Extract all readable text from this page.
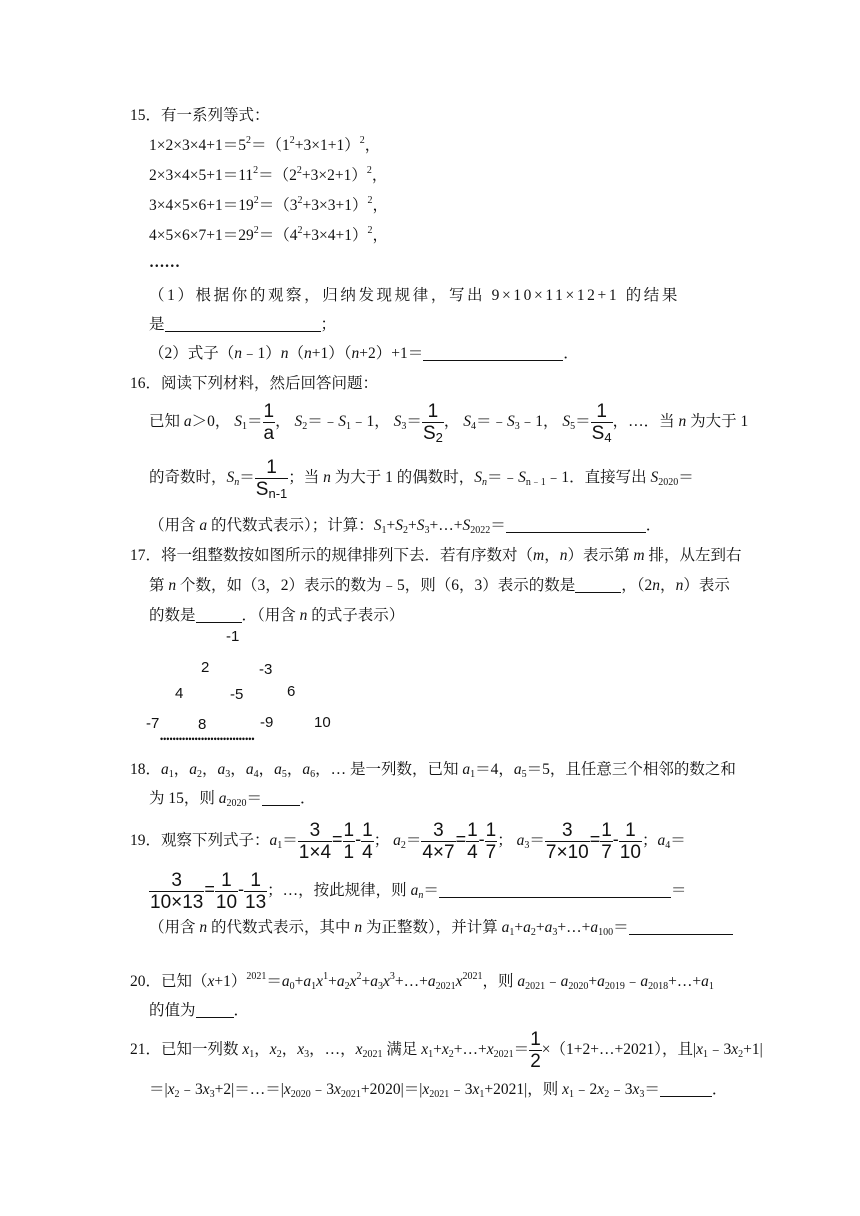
15．有一系列等式：
$1\times 2\times 3\times 4+1=5^2=(1^2+3\times 1+1)^2$，
$2\times 3\times 4\times 5+1=11^2=(2^2+3\times 2+1)^2$，
$3\times 4\times 5\times 6+1=19^2=(3^2+3\times 3+1)^2$，
$4\times 5\times 6\times 7+1=29^2=(4^2+3\times 4+1)^2$，
……
（1）根据你的观察，归纳发现规律，写出 9×10×11×12+1 的结果
是	；
（2）式子（n﹣1）n（n+1）（n+2）+1＝	．
16．阅读下列材料，然后回答问题：
已知 a＞0， $S_1= \frac{1}{a}$ ， $S_2=﹣S_1﹣1$， $S_3= \frac{1}{S_2}$ ， $S_4=﹣S_3﹣1$， $S_5= \frac{1}{S_4}$ ，…．当 n 为大于 1
的奇数时，$S_n= \frac{1}{S_{n-1}}$ ；当 n 为大于 1 的偶数时，$S_n=﹣S_{n﹣1}﹣1$．直接写出 $S_{2020}=$
（用含 a 的代数式表示）；计算：$S_1+S_2+S_3+\dots+S_{2022}=$	．
17．将一组整数按如图所示的规律排列下去．若有序数对（m，n）表示第 m 排，从左到右
第 n 个数，如（3，2）表示的数为﹣5，则（6，3）表示的数是	，（2n，n）表示
的数是	．（用含 n 的式子表示）
-1
2	-3
4	-5	6
-7	8	-9	10
••••••••••••••••••••••••••••••
18．$a_1$，$a_2$，$a_3$，$a_4$，$a_5$，$a_6$，… 是一列数，已知 $a_1=4$，$a_5=5$，且任意三个相邻的数之和
为 15，则 $a_{2020}=$ ．
19．观察下列式子：$a_1= \frac{3}{1\times 4} = \frac{1}{1} - \frac{1}{4}$ ； $a_2= \frac{3}{4\times 7} = \frac{1}{4} - \frac{1}{7}$ ； $a_3= \frac{3}{7\times 10} = \frac{1}{7} - \frac{1}{10}$ ；$a_4=$
$\frac{3}{10\times 13} = \frac{1}{10} - \frac{1}{13}$ ；…，按此规律，则 $a_n=$	＝
（用含 n 的代数式表示，其中 n 为正整数），并计算 $a_1+a_2+a_3+\dots+a_{100}=$
20．已知$(x+1)^{2021}=a_0+a_1x^1+a_2x^2+a_3x^3+\dots+a_{2021}x^{2021}$，则 $a_{2021}﹣a_{2020}+a_{2019}﹣a_{2018}+\dots+a_1$
的值为 ．
21．已知一列数 $x_1$，$x_2$，$x_3$，…，$x_{2021}$ 满足 $x_1+x_2+\dots+x_{2021}= \frac{1}{2}$ ×（1+2+…+2021），且$|x_1﹣3x_2+1|$
$=|x_2﹣3x_3+2|=\dots=|x_{2020}﹣3x_{2021}+2020|=|x_{2021}﹣3x_1+2021|$，则 $x_1﹣2x_2﹣3x_3=$	．
